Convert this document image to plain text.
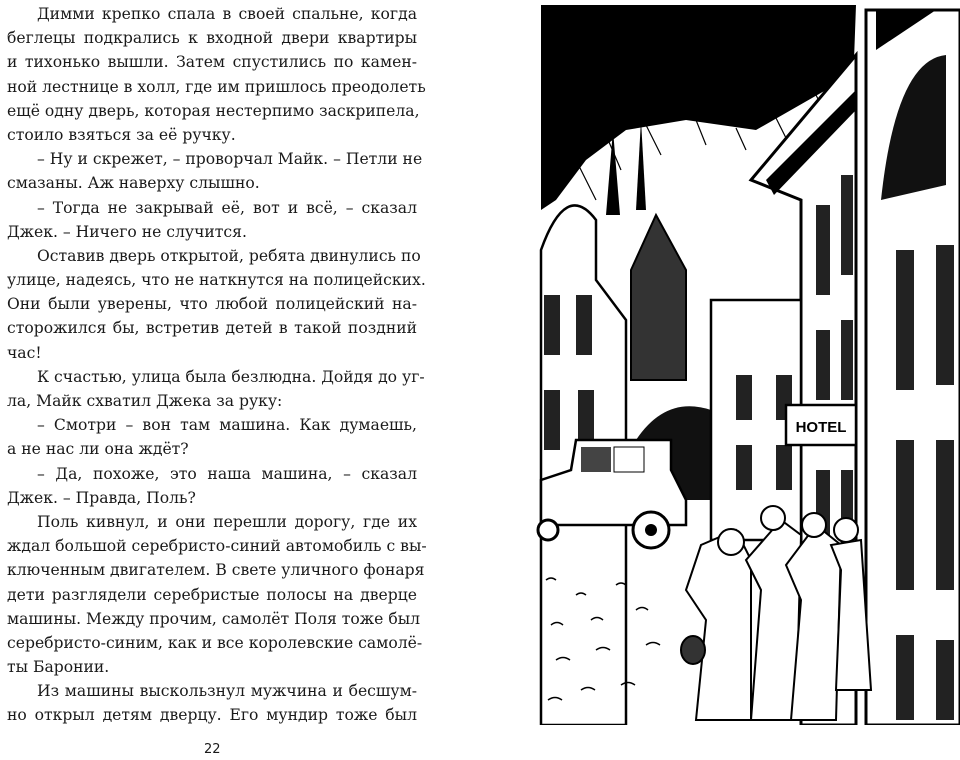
Димми крепко спала в своей спальне, когда
беглецы подкрались к входной двери квартиры
и тихонько вышли. Затем спустились по камен-
ной лестнице в холл, где им пришлось преодолеть
ещё одну дверь, которая нестерпимо заскрипела,
стоило взяться за её ручку.
– Ну и скрежет, – проворчал Майк. – Петли не
смазаны. Аж наверху слышно.
– Тогда не закрывай её, вот и всё, – сказал
Джек. – Ничего не случится.
Оставив дверь открытой, ребята двинулись по
улице, надеясь, что не наткнутся на полицейских.
Они были уверены, что любой полицейский на-
сторожился бы, встретив детей в такой поздний
час!
К счастью, улица была безлюдна. Дойдя до уг-
ла, Майк схватил Джека за руку:
– Смотри – вон там машина. Как думаешь,
а не нас ли она ждёт?
– Да, похоже, это наша машина, – сказал
Джек. – Правда, Поль?
Поль кивнул, и они перешли дорогу, где их
ждал большой серебристо-синий автомобиль с вы-
ключенным двигателем. В свете уличного фонаря
дети разглядели серебристые полосы на дверце
машины. Между прочим, самолёт Поля тоже был
серебристо-синим, как и все королевские самолё-
ты Баронии.
Из машины выскользнул мужчина и бесшум-
но открыл детям дверцу. Его мундир тоже был
22
HOTEL
